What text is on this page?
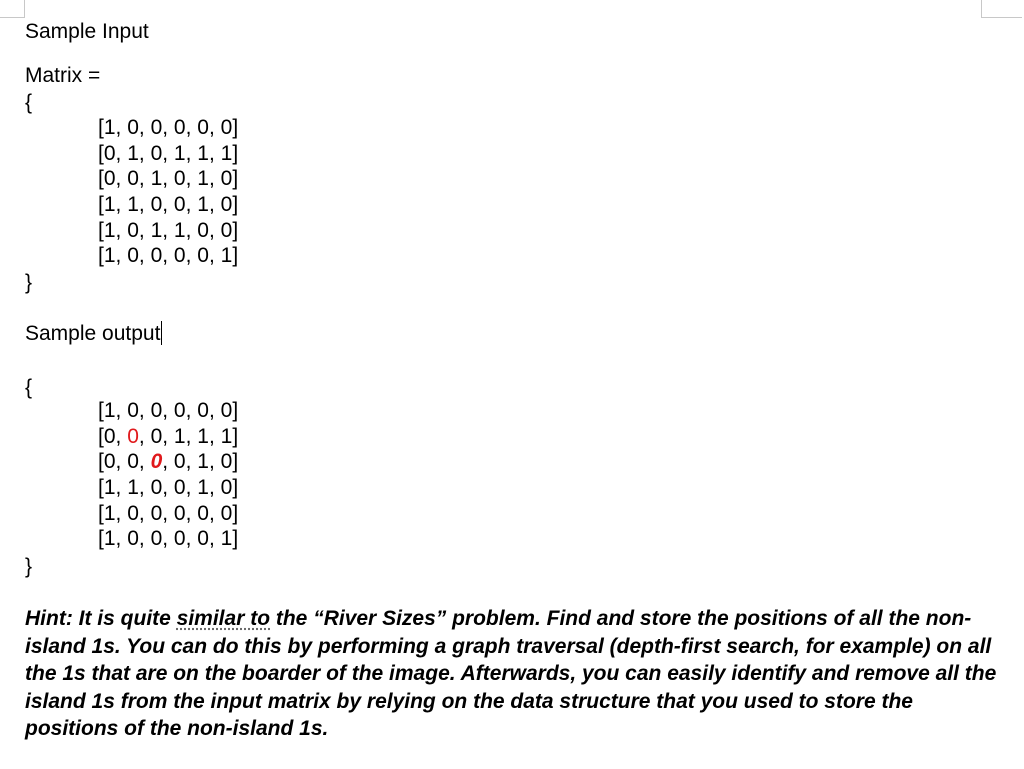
Sample Input
Matrix =
{
[1, 0, 0, 0, 0, 0]
[0, 1, 0, 1, 1, 1]
[0, 0, 1, 0, 1, 0]
[1, 1, 0, 0, 1, 0]
[1, 0, 1, 1, 0, 0]
[1, 0, 0, 0, 0, 1]
}
Sample output
{
[1, 0, 0, 0, 0, 0]
[0, 0, 0, 1, 1, 1]
[0, 0, 0, 0, 1, 0]
[1, 1, 0, 0, 1, 0]
[1, 0, 0, 0, 0, 0]
[1, 0, 0, 0, 0, 1]
}
Hint: It is quite similar to the “River Sizes” problem. Find and store the positions of all the non-island 1s. You can do this by performing a graph traversal (depth-first search, for example) on all the 1s that are on the boarder of the image. Afterwards, you can easily identify and remove all the island 1s from the input matrix by relying on the data structure that you used to store the positions of the non-island 1s.
